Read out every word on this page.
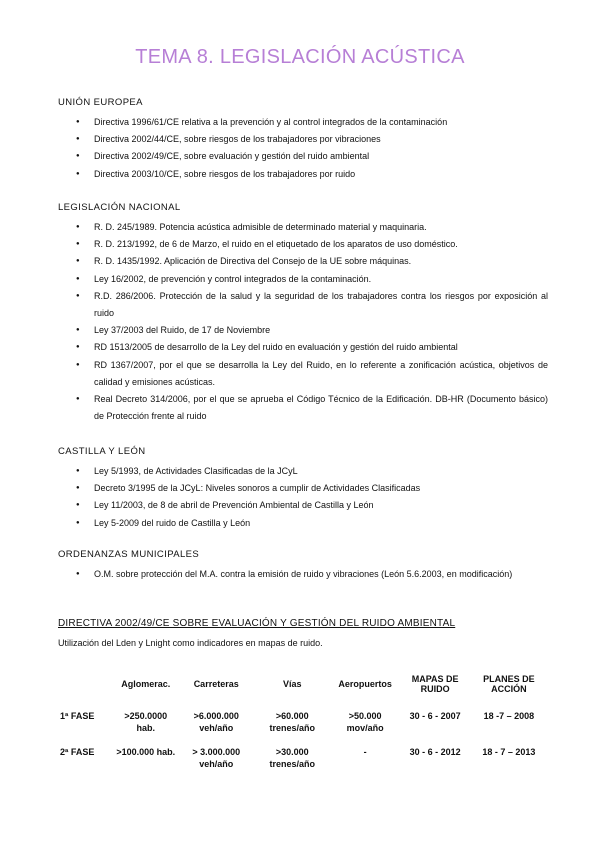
TEMA 8. LEGISLACIÓN ACÚSTICA
UNIÓN EUROPEA
● Directiva 1996/61/CE relativa a la prevención y al control integrados de la contaminación
● Directiva 2002/44/CE, sobre riesgos de los trabajadores por vibraciones
● Directiva 2002/49/CE, sobre evaluación y gestión del ruido ambiental
● Directiva 2003/10/CE, sobre riesgos de los trabajadores por ruido
LEGISLACIÓN NACIONAL
● R. D. 245/1989. Potencia acústica admisible de determinado material y maquinaria.
● R. D. 213/1992, de 6 de Marzo, el ruido en el etiquetado de los aparatos de uso doméstico.
● R. D. 1435/1992. Aplicación de Directiva del Consejo de la UE sobre máquinas.
● Ley 16/2002, de prevención y control integrados de la contaminación.
● R.D. 286/2006. Protección de la salud y la seguridad de los trabajadores contra los riesgos por exposición al ruido
● Ley 37/2003 del Ruido, de 17 de Noviembre
● RD 1513/2005 de desarrollo de la Ley del ruido en evaluación y gestión del ruido ambiental
● RD 1367/2007, por el que se desarrolla la Ley del Ruido, en lo referente a zonificación acústica, objetivos de calidad y emisiones acústicas.
● Real Decreto 314/2006, por el que se aprueba el Código Técnico de la Edificación. DB-HR (Documento básico) de Protección frente al ruido
CASTILLA Y LEÓN
● Ley 5/1993, de Actividades Clasificadas de la JCyL
● Decreto 3/1995 de la JCyL: Niveles sonoros a cumplir de Actividades Clasificadas
● Ley 11/2003, de 8 de abril de Prevención Ambiental de Castilla y León
● Ley 5-2009 del ruido de Castilla y León
ORDENANZAS MUNICIPALES
● O.M. sobre protección del M.A. contra la emisión de ruido y vibraciones (León 5.6.2003, en modificación)
DIRECTIVA 2002/49/CE SOBRE EVALUACIÓN Y GESTIÓN DEL RUIDO AMBIENTAL
Utilización del Lden y Lnight como indicadores en mapas de ruido.
	Aglomerac.	Carreteras	Vías	Aeropuertos	MAPAS DE RUIDO	PLANES DE ACCIÓN

1ª FASE	>250.0000 hab.	>6.000.000 veh/año	>60.000 trenes/año	>50.000 mov/año	30 - 6 - 2007	18 -7 – 2008
2ª FASE	>100.000 hab.	> 3.000.000 veh/año	>30.000 trenes/año	-	30 - 6 - 2012	18 - 7 – 2013
